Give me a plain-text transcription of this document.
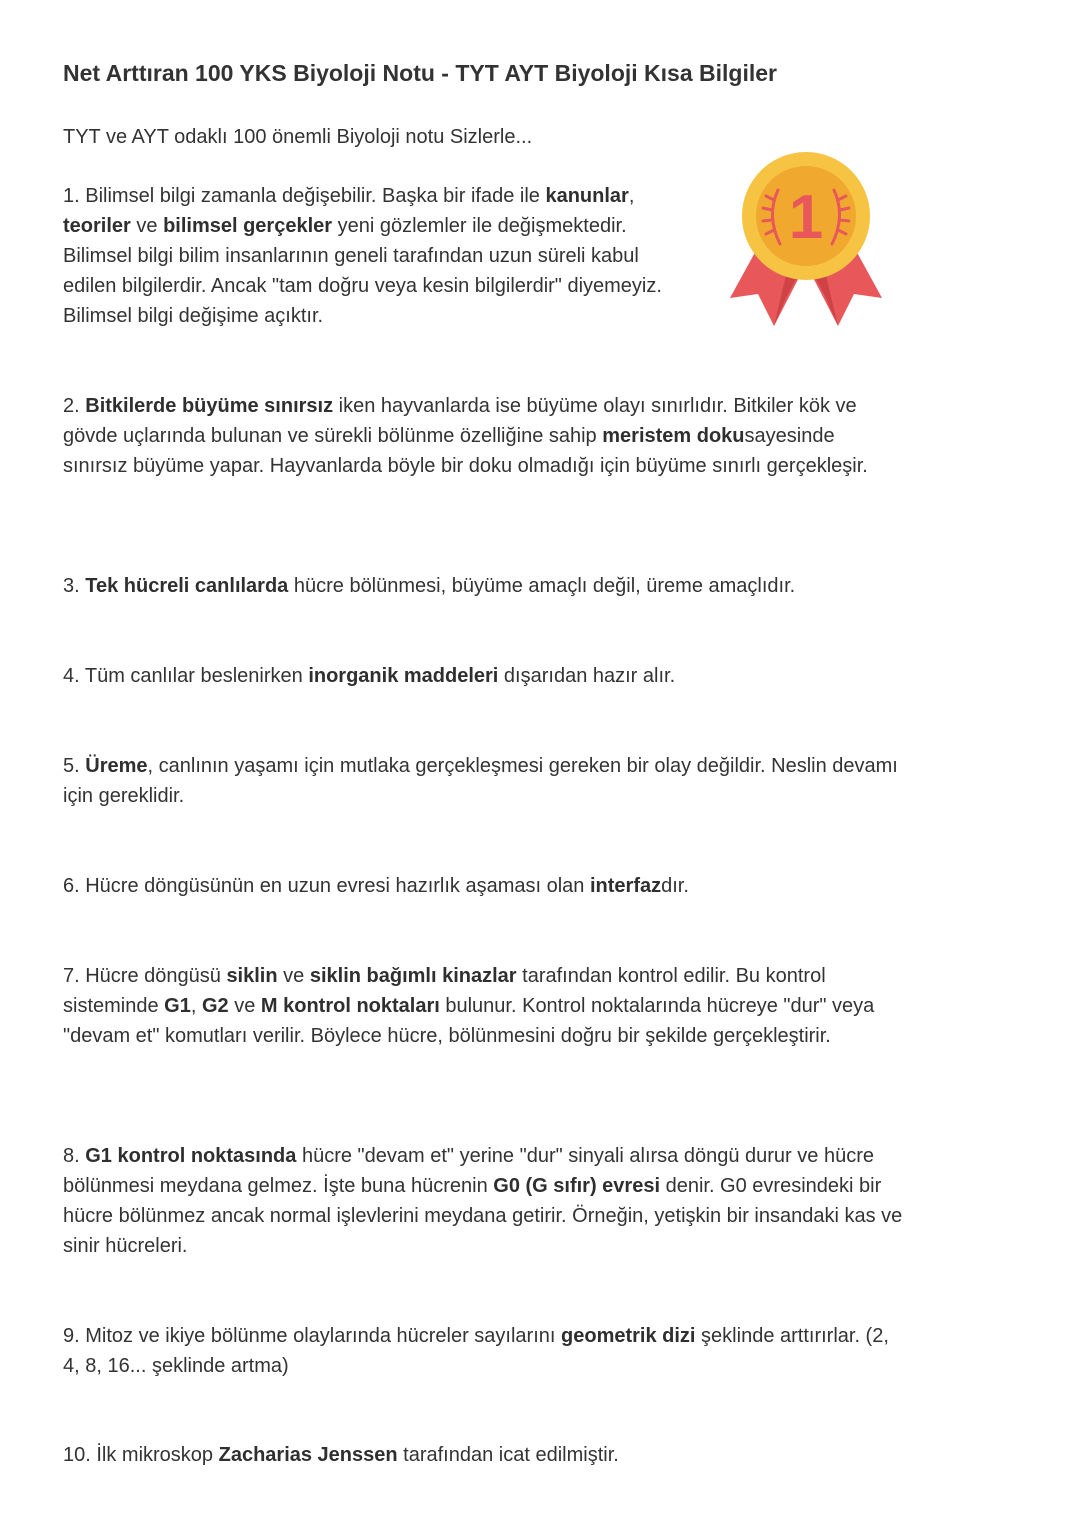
Net Arttıran 100 YKS Biyoloji Notu - TYT AYT Biyoloji Kısa Bilgiler

TYT ve AYT odaklı 100 önemli Biyoloji notu Sizlerle...

1. Bilimsel bilgi zamanla değişebilir. Başka bir ifade ile kanunlar, teoriler ve bilimsel gerçekler yeni gözlemler ile değişmektedir. Bilimsel bilgi bilim insanlarının geneli tarafından uzun süreli kabul edilen bilgilerdir. Ancak "tam doğru veya kesin bilgilerdir" diyemeyiz. Bilimsel bilgi değişime açıktır.

2. Bitkilerde büyüme sınırsız iken hayvanlarda ise büyüme olayı sınırlıdır. Bitkiler kök ve gövde uçlarında bulunan ve sürekli bölünme özelliğine sahip meristem dokusayesinde sınırsız büyüme yapar. Hayvanlarda böyle bir doku olmadığı için büyüme sınırlı gerçekleşir.

3. Tek hücreli canlılarda hücre bölünmesi, büyüme amaçlı değil, üreme amaçlıdır.

4. Tüm canlılar beslenirken inorganik maddeleri dışarıdan hazır alır.

5. Üreme, canlının yaşamı için mutlaka gerçekleşmesi gereken bir olay değildir. Neslin devamı için gereklidir.

6. Hücre döngüsünün en uzun evresi hazırlık aşaması olan interfazdır.

7. Hücre döngüsü siklin ve siklin bağımlı kinazlar tarafından kontrol edilir. Bu kontrol sisteminde G1, G2 ve M kontrol noktaları bulunur. Kontrol noktalarında hücreye "dur" veya "devam et" komutları verilir. Böylece hücre, bölünmesini doğru bir şekilde gerçekleştirir.

8. G1 kontrol noktasında hücre "devam et" yerine "dur" sinyali alırsa döngü durur ve hücre bölünmesi meydana gelmez. İşte buna hücrenin G0 (G sıfır) evresi denir. G0 evresindeki bir hücre bölünmez ancak normal işlevlerini meydana getirir. Örneğin, yetişkin bir insandaki kas ve sinir hücreleri.

9. Mitoz ve ikiye bölünme olaylarında hücreler sayılarını geometrik dizi şeklinde arttırırlar. (2, 4, 8, 16... şeklinde artma)

10. İlk mikroskop Zacharias Jenssen tarafından icat edilmiştir.

1
